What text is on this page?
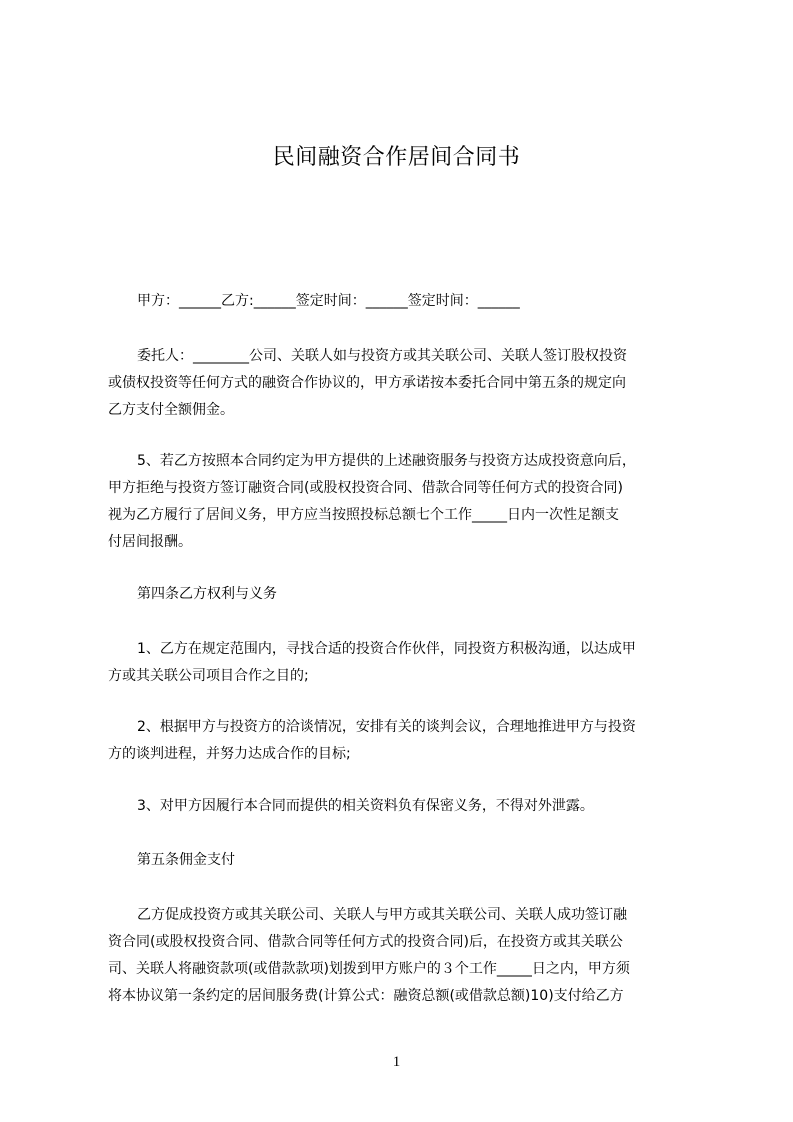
民间融资合作居间合同书
甲方：______乙方:______签定时间：______签定时间：______
委托人：________公司、关联人如与投资方或其关联公司、关联人签订股权投资
或债权投资等任何方式的融资合作协议的，甲方承诺按本委托合同中第五条的规定向
乙方支付全额佣金。
5、若乙方按照本合同约定为甲方提供的上述融资服务与投资方达成投资意向后，
甲方拒绝与投资方签订融资合同(或股权投资合同、借款合同等任何方式的投资合同)
视为乙方履行了居间义务，甲方应当按照投标总额七个工作_____日内一次性足额支
付居间报酬。
第四条乙方权利与义务
1、乙方在规定范围内，寻找合适的投资合作伙伴，同投资方积极沟通，以达成甲
方或其关联公司项目合作之目的;
2、根据甲方与投资方的洽谈情况，安排有关的谈判会议，合理地推进甲方与投资
方的谈判进程，并努力达成合作的目标;
3、对甲方因履行本合同而提供的相关资料负有保密义务，不得对外泄露。
第五条佣金支付
乙方促成投资方或其关联公司、关联人与甲方或其关联公司、关联人成功签订融
资合同(或股权投资合同、借款合同等任何方式的投资合同)后，在投资方或其关联公
司、关联人将融资款项(或借款款项)划拨到甲方账户的３个工作_____日之内，甲方须
将本协议第一条约定的居间服务费(计算公式：融资总额(或借款总额)10)支付给乙方
1
